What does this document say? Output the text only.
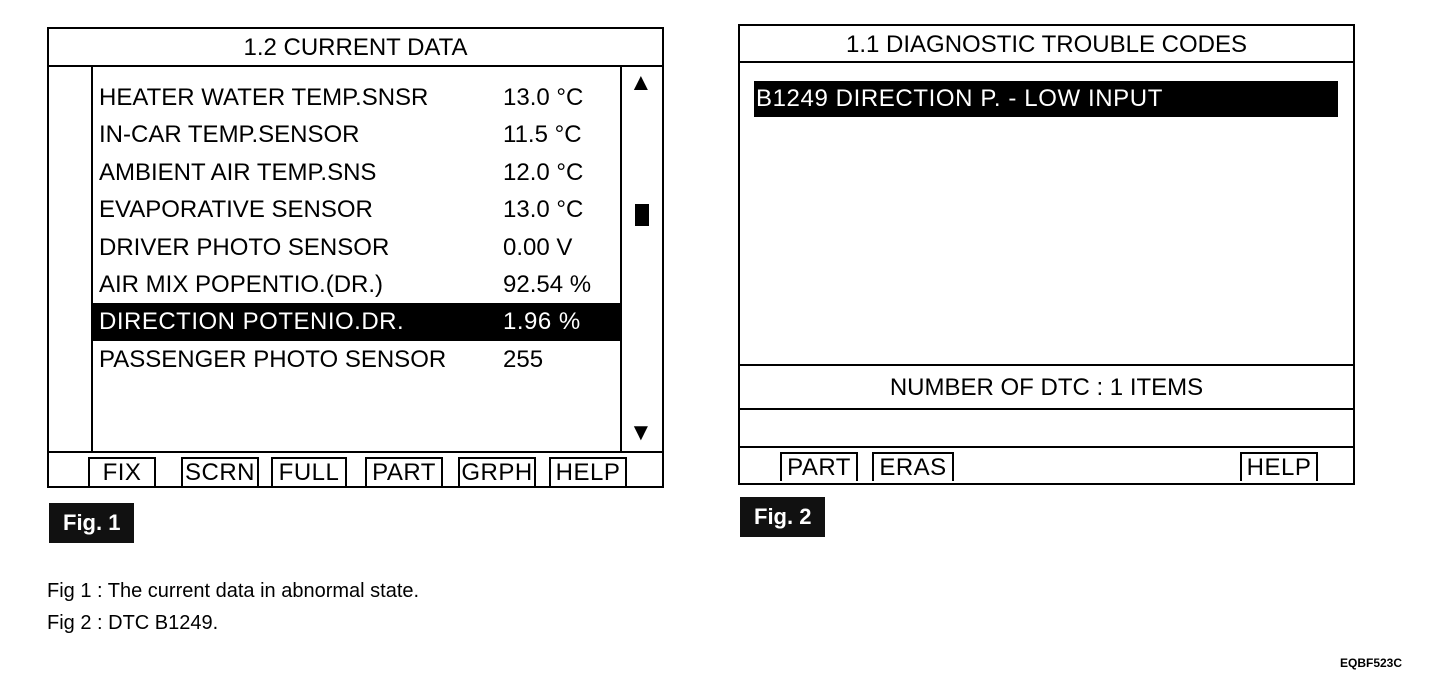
1.2 CURRENT DATA
▲
▼
HEATER WATER TEMP.SNSR	13.0 °C
IN-CAR TEMP.SENSOR	11.5 °C
AMBIENT AIR TEMP.SNS	12.0 °C
EVAPORATIVE SENSOR	13.0 °C
DRIVER PHOTO SENSOR	0.00 V
AIR MIX POPENTIO.(DR.)	92.54 %
DIRECTION POTENIO.DR.	1.96 %
PASSENGER PHOTO SENSOR 255
FIX	SCRN FULL	PART GRPH HELP
Fig. 1
1.1 DIAGNOSTIC TROUBLE CODES
B1249 DIRECTION P. - LOW INPUT
NUMBER OF DTC : 1 ITEMS
PART	ERAS	HELP
Fig. 2
Fig 1 : The current data in abnormal state.
Fig 2 : DTC B1249.
EQBF523C
